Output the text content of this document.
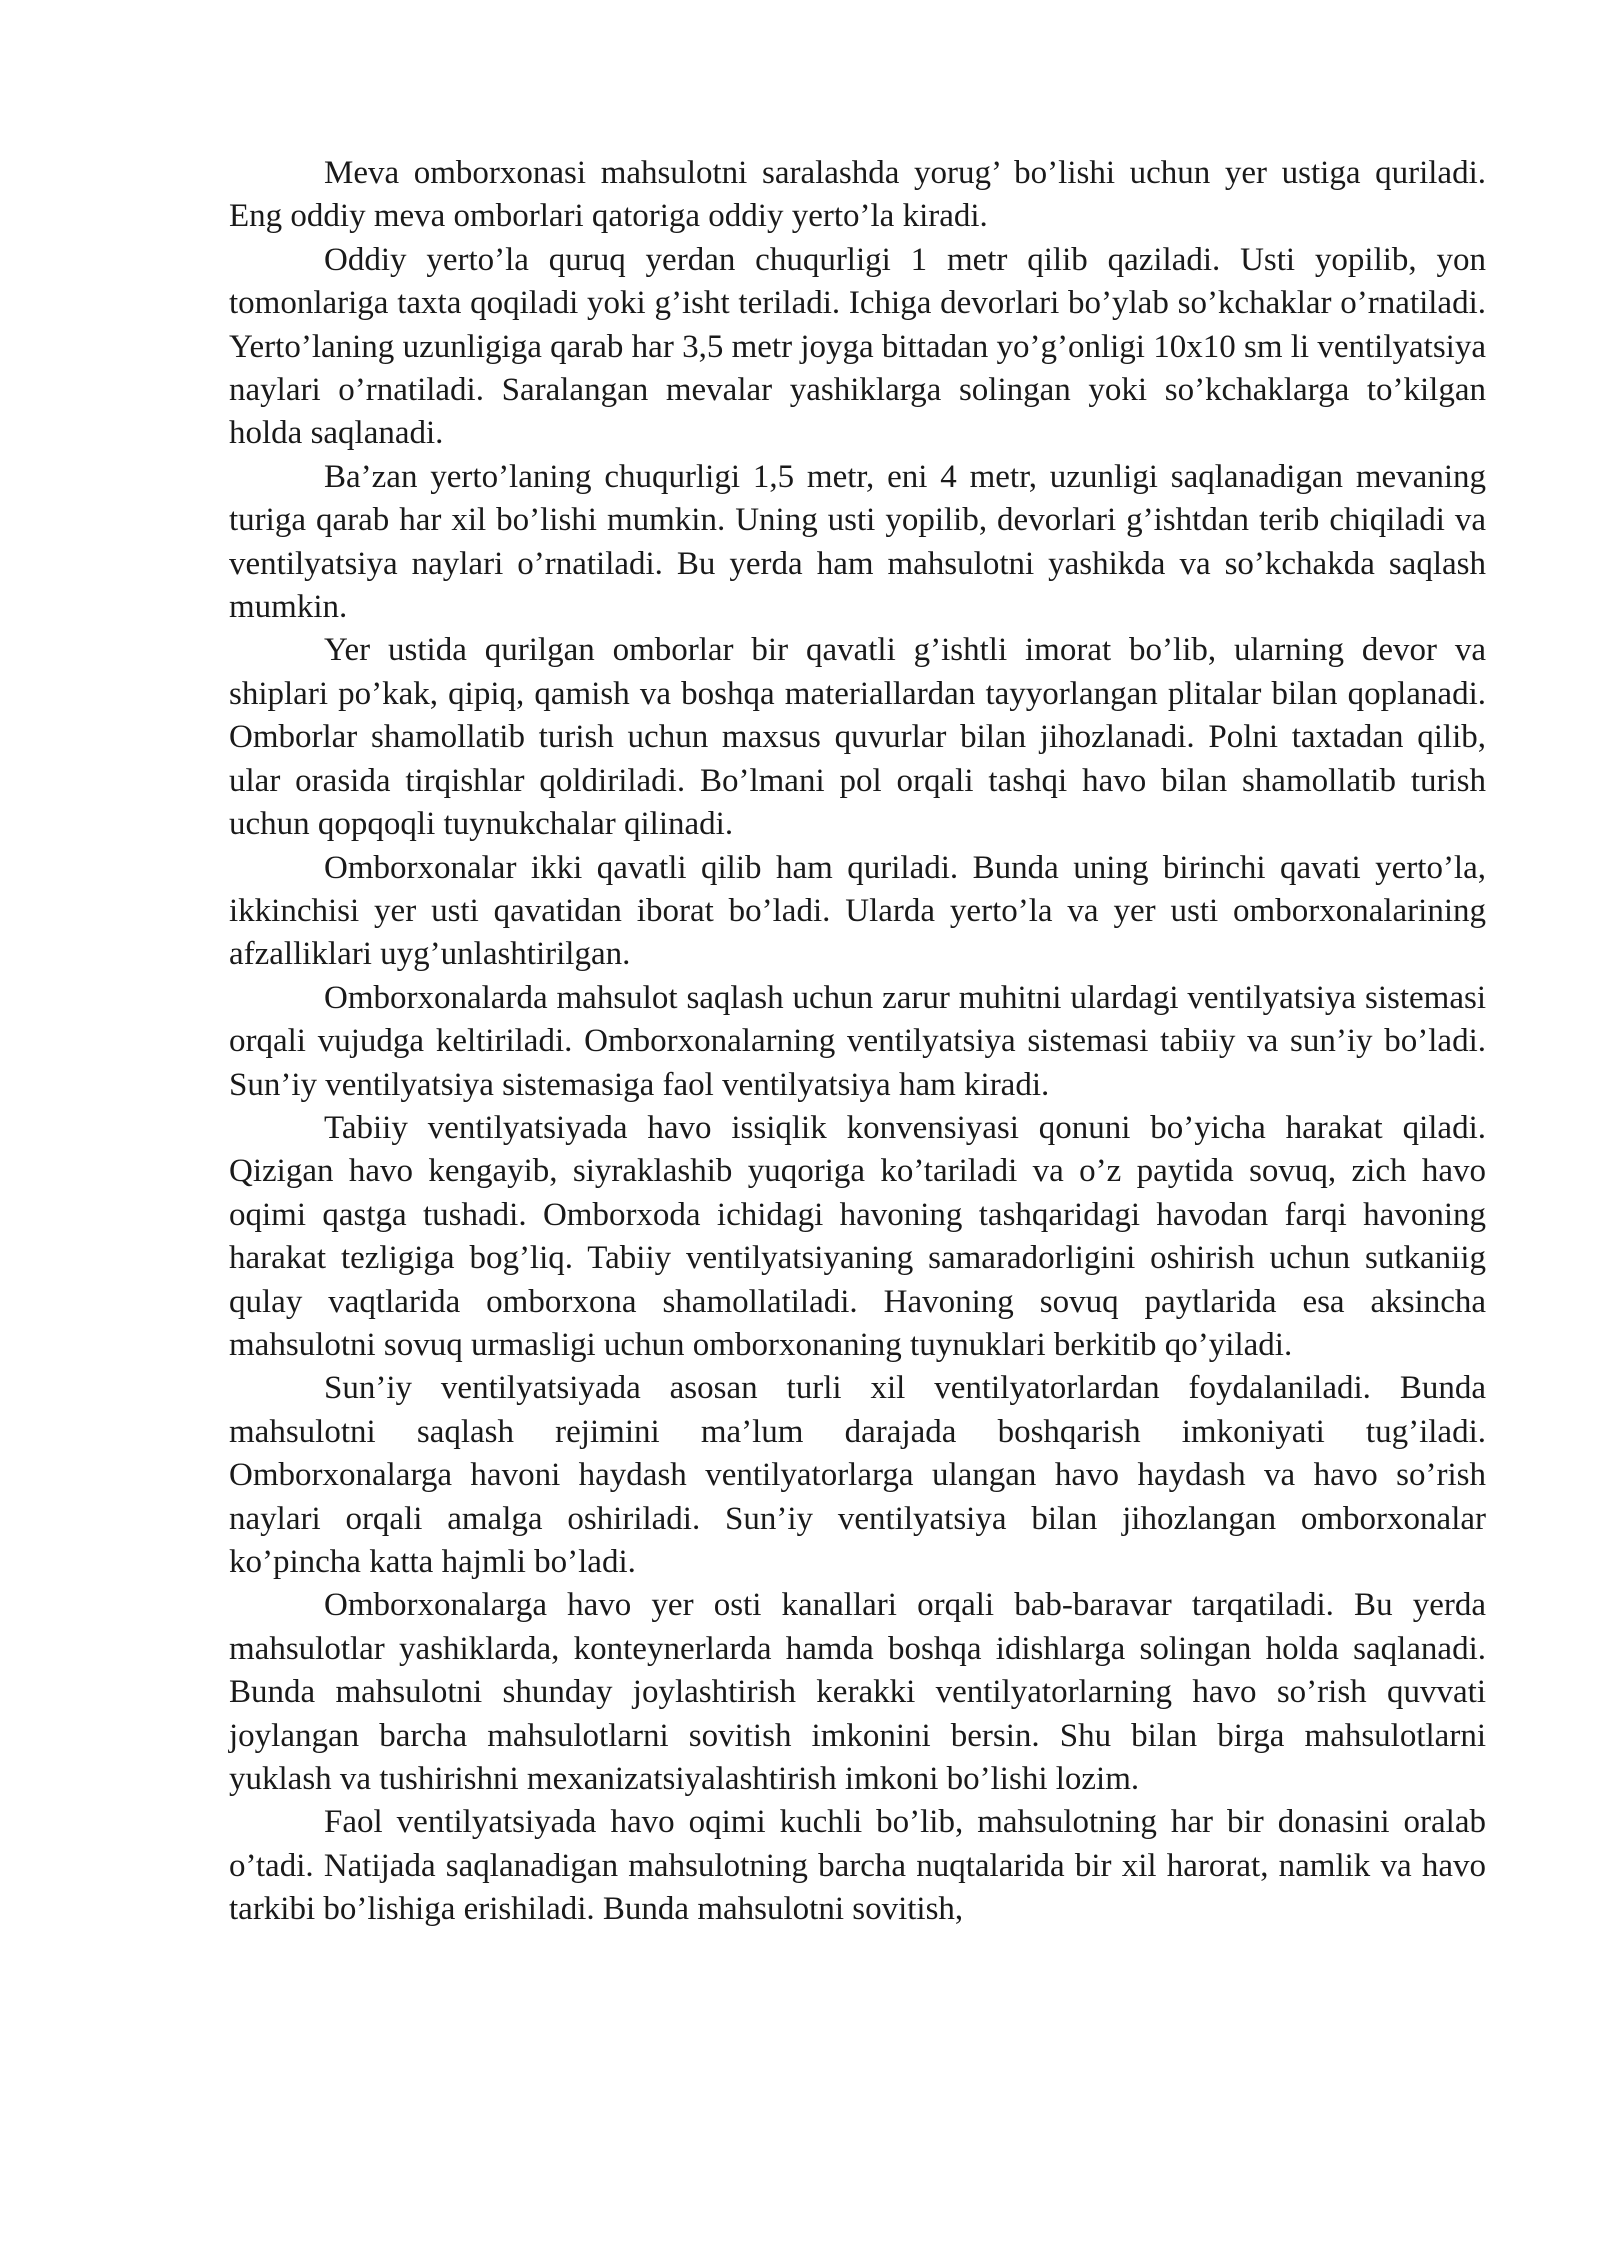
Meva omborxonasi mahsulotni saralashda yorug’ bo’lishi uchun yer ustiga quriladi. Eng oddiy meva omborlari qatoriga oddiy yerto’la kiradi.

Oddiy yerto’la quruq yerdan chuqurligi 1 metr qilib qaziladi. Usti yopilib, yon tomonlariga taxta qoqiladi yoki g’isht teriladi. Ichiga devorlari bo’ylab so’kchaklar o’rnatiladi. Yerto’laning uzunligiga qarab har 3,5 metr joyga bittadan yo’g’onligi 10x10 sm li ventilyatsiya naylari o’rnatiladi. Saralangan mevalar yashiklarga solingan yoki so’kchaklarga to’kilgan holda saqlanadi.

Ba’zan yerto’laning chuqurligi 1,5 metr, eni 4 metr, uzunligi saqlanadigan mevaning turiga qarab har xil bo’lishi mumkin. Uning usti yopilib, devorlari g’ishtdan terib chiqiladi va ventilyatsiya naylari o’rnatiladi. Bu yerda ham mahsulotni yashikda va so’kchakda saqlash mumkin.

Yer ustida qurilgan omborlar bir qavatli g’ishtli imorat bo’lib, ularning devor va shiplari po’kak, qipiq, qamish va boshqa materiallardan tayyorlangan plitalar bilan qoplanadi. Omborlar shamollatib turish uchun maxsus quvurlar bilan jihozlanadi. Polni taxtadan qilib, ular orasida tirqishlar qoldiriladi. Bo’lmani pol orqali tashqi havo bilan shamollatib turish uchun qopqoqli tuynukchalar qilinadi.

Omborxonalar ikki qavatli qilib ham quriladi. Bunda uning birinchi qavati yerto’la, ikkinchisi yer usti qavatidan iborat bo’ladi. Ularda yerto’la va yer usti omborxonalarining afzalliklari uyg’unlashtirilgan.

Omborxonalarda mahsulot saqlash uchun zarur muhitni ulardagi ventilyatsiya sistemasi orqali vujudga keltiriladi. Omborxonalarning ventilyatsiya sistemasi tabiiy va sun’iy bo’ladi. Sun’iy ventilyatsiya sistemasiga faol ventilyatsiya ham kiradi.

Tabiiy ventilyatsiyada havo issiqlik konvensiyasi qonuni bo’yicha harakat qiladi. Qizigan havo kengayib, siyraklashib yuqoriga ko’tariladi va o’z paytida sovuq, zich havo oqimi qastga tushadi. Omborxoda ichidagi havoning tashqaridagi havodan farqi havoning harakat tezligiga bog’liq. Tabiiy ventilyatsiyaning samaradorligini oshirish uchun sutkaniig qulay vaqtlarida omborxona shamollatiladi. Havoning sovuq paytlarida esa aksincha mahsulotni sovuq urmasligi uchun omborxonaning tuynuklari berkitib qo’yiladi.

Sun’iy ventilyatsiyada asosan turli xil ventilyatorlardan foydalaniladi. Bunda mahsulotni saqlash rejimini ma’lum darajada boshqarish imkoniyati tug’iladi. Omborxonalarga havoni haydash ventilyatorlarga ulangan havo haydash va havo so’rish naylari orqali amalga oshiriladi. Sun’iy ventilyatsiya bilan jihozlangan omborxonalar ko’pincha katta hajmli bo’ladi.

Omborxonalarga havo yer osti kanallari orqali bab-baravar tarqatiladi. Bu yerda mahsulotlar yashiklarda, konteynerlarda hamda boshqa idishlarga solingan holda saqlanadi. Bunda mahsulotni shunday joylashtirish kerakki ventilyatorlarning havo so’rish quvvati joylangan barcha mahsulotlarni sovitish imkonini bersin. Shu bilan birga mahsulotlarni yuklash va tushirishni mexanizatsiyalashtirish imkoni bo’lishi lozim.

Faol ventilyatsiyada havo oqimi kuchli bo’lib, mahsulotning har bir donasini oralab o’tadi. Natijada saqlanadigan mahsulotning barcha nuqtalarida bir xil harorat, namlik va havo tarkibi bo’lishiga erishiladi. Bunda mahsulotni sovitish,
